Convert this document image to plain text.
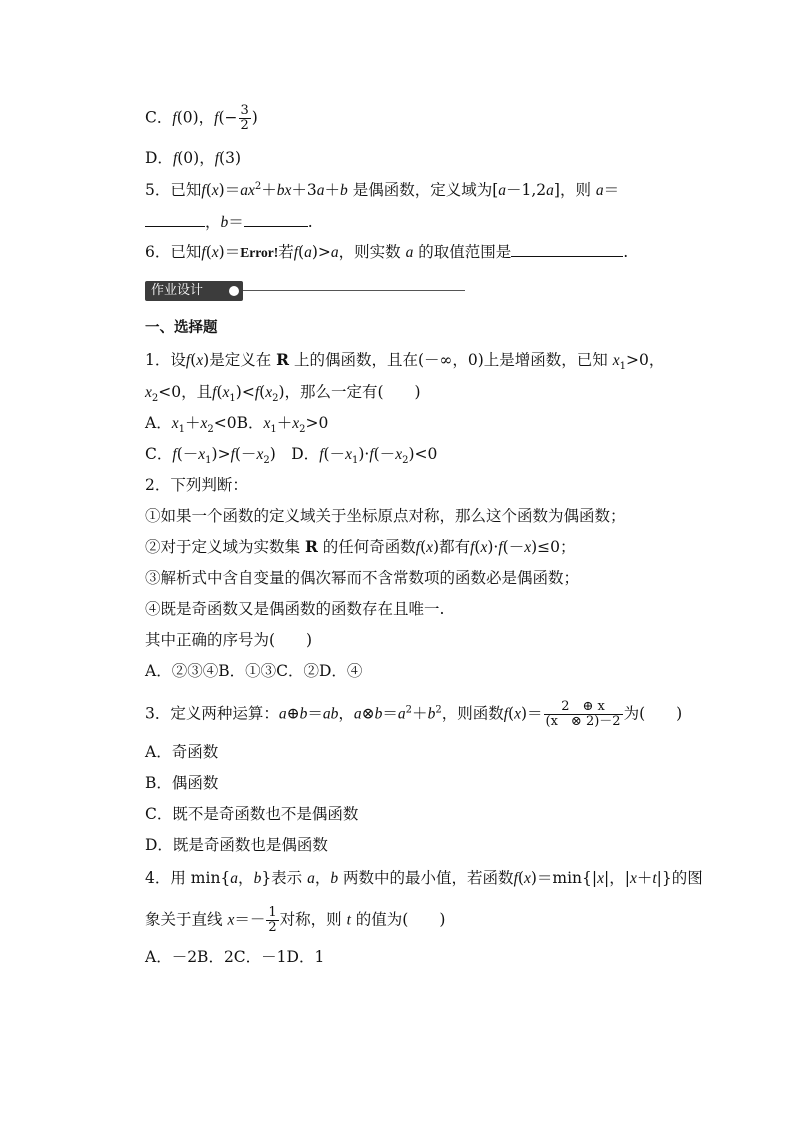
C．f(0)，$f(- \frac{3}{2}$ )
D．f(0)，f(3)
5．已知$f(x)=ax^2+bx+3a+b$ 是偶函数，定义域为[a－1,2a]，则 a＝
，b＝	.
6．已知f(x)＝Error!若f(a)>a，则实数 a 的取值范围是	.
作业设计
一、选择题
1．设f(x)是定义在 R 上的偶函数，且在(－∞，0)上是增函数，已知 $x_1>0$，
$x_2<0$，且$f(x_1)<f(x_2)$，那么一定有(　　)
A．$x_1+x_2<0B$．$x_1+x_2>0$
C．$f(-x_1)>f(-x_2)$　D．$f(-x_1)\cdot f(-x_2)<0$
2．下列判断：
①如果一个函数的定义域关于坐标原点对称，那么这个函数为偶函数；
②对于定义域为实数集 R 的任何奇函数f(x)都有f(x)·f(－x)≤0；
③解析式中含自变量的偶次幂而不含常数项的函数必是偶函数；
④既是奇函数又是偶函数的函数存在且唯一.
其中正确的序号为(　　)
A．②③④B．①③C．②D．④
3．定义两种运算：a⊕b＝ab，$a\otimes b=a^2+b^2$，则函数$f(x)= \frac{2 \oplus x}{(x \otimes 2)-2}$ 为(　　)
A．奇函数
B．偶函数
C．既不是奇函数也不是偶函数
D．既是奇函数也是偶函数
4．用 min{a，b}表示 a，b 两数中的最小值，若函数f(x)＝min{|x|，|x＋t|}的图
象关于直线 $x=- \frac{1}{2}$ 对称，则 t 的值为(　　)
A．－2B．2C．－1D．1
